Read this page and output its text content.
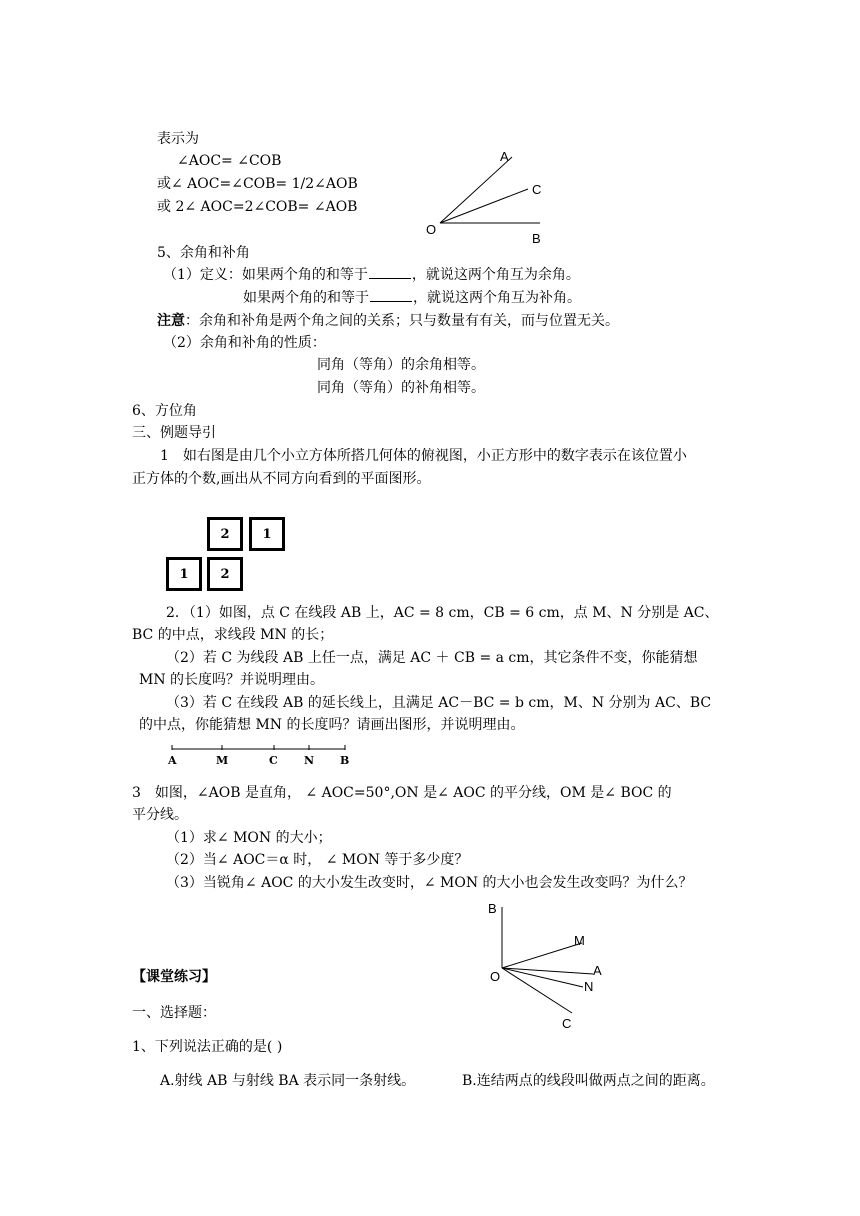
表示为
∠AOC= ∠COB
或∠ AOC=∠COB= 1/2∠AOB
或 2∠ AOC=2∠COB= ∠AOB
A
C
O
B
5、余角和补角
（1）定义：如果两个角的和等于	，就说这两个角互为余角。
如果两个角的和等于	，就说这两个角互为补角。
注意：余角和补角是两个角之间的关系；只与数量有有关，而与位置无关。
（2）余角和补角的性质：
同角（等角）的余角相等。
同角（等角）的补角相等。
6、方位角
三、例题导引
1　如右图是由几个小立方体所搭几何体的俯视图，小正方形中的数字表示在该位置小
正方体的个数,画出从不同方向看到的平面图形。
2	1
1	2
2．（1）如图，点 C 在线段 AB 上，AC = 8 cm，CB = 6 cm，点 M、N 分别是 AC、
BC 的中点，求线段 MN 的长；
（2）若 C 为线段 AB 上任一点，满足 AC ＋ CB = a cm，其它条件不变，你能猜想
MN 的长度吗？并说明理由。
（3）若 C 在线段 AB 的延长线上，且满足 AC－BC = b cm，M、N 分别为 AC、BC
的中点，你能猜想 MN 的长度吗？请画出图形，并说明理由。
A	M	C N B
3　如图，∠AOB 是直角， ∠ AOC=50°,ON 是∠ AOC 的平分线，OM 是∠ BOC 的
平分线。
（1）求∠ MON 的大小；
（2）当∠ AOC＝α 时， ∠ MON 等于多少度？
（3）当锐角∠ AOC 的大小发生改变时，∠ MON 的大小也会发生改变吗？为什么？
B
M
A
O
N
C
【课堂练习】
一、选择题：
1、下列说法正确的是( )
A.射线 AB 与射线 BA 表示同一条射线。	B.连结两点的线段叫做两点之间的距离。
